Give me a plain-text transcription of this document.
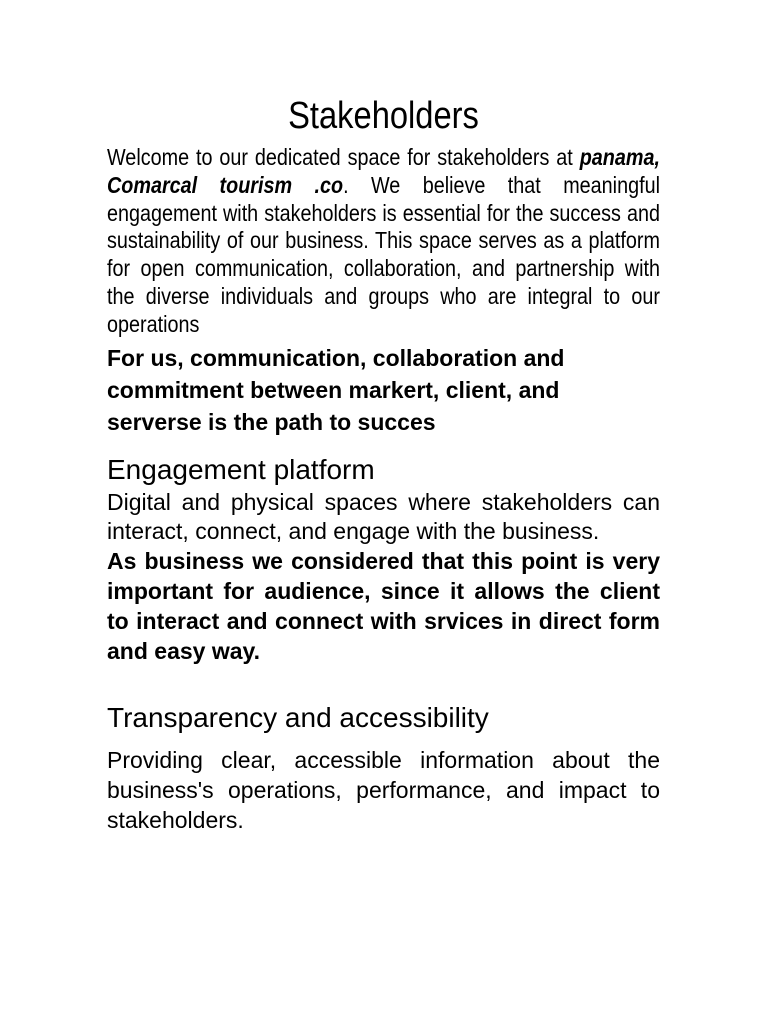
Stakeholders

Welcome to our dedicated space for stakeholders at panama, Comarcal tourism .co. We believe that meaningful engagement with stakeholders is essential for the success and sustainability of our business. This space serves as a platform for open communication, collaboration, and partnership with the diverse individuals and groups who are integral to our operations

For us, communication, collaboration and commitment between markert, client, and serverse is the path to succes

Engagement platform

Digital and physical spaces where stakeholders can interact, connect, and engage with the business.

As business we considered that this point is very important for audience, since it allows the client to interact and connect with srvices in direct form and easy way.

Transparency and accessibility

Providing clear, accessible information about the business's operations, performance, and impact to stakeholders.
